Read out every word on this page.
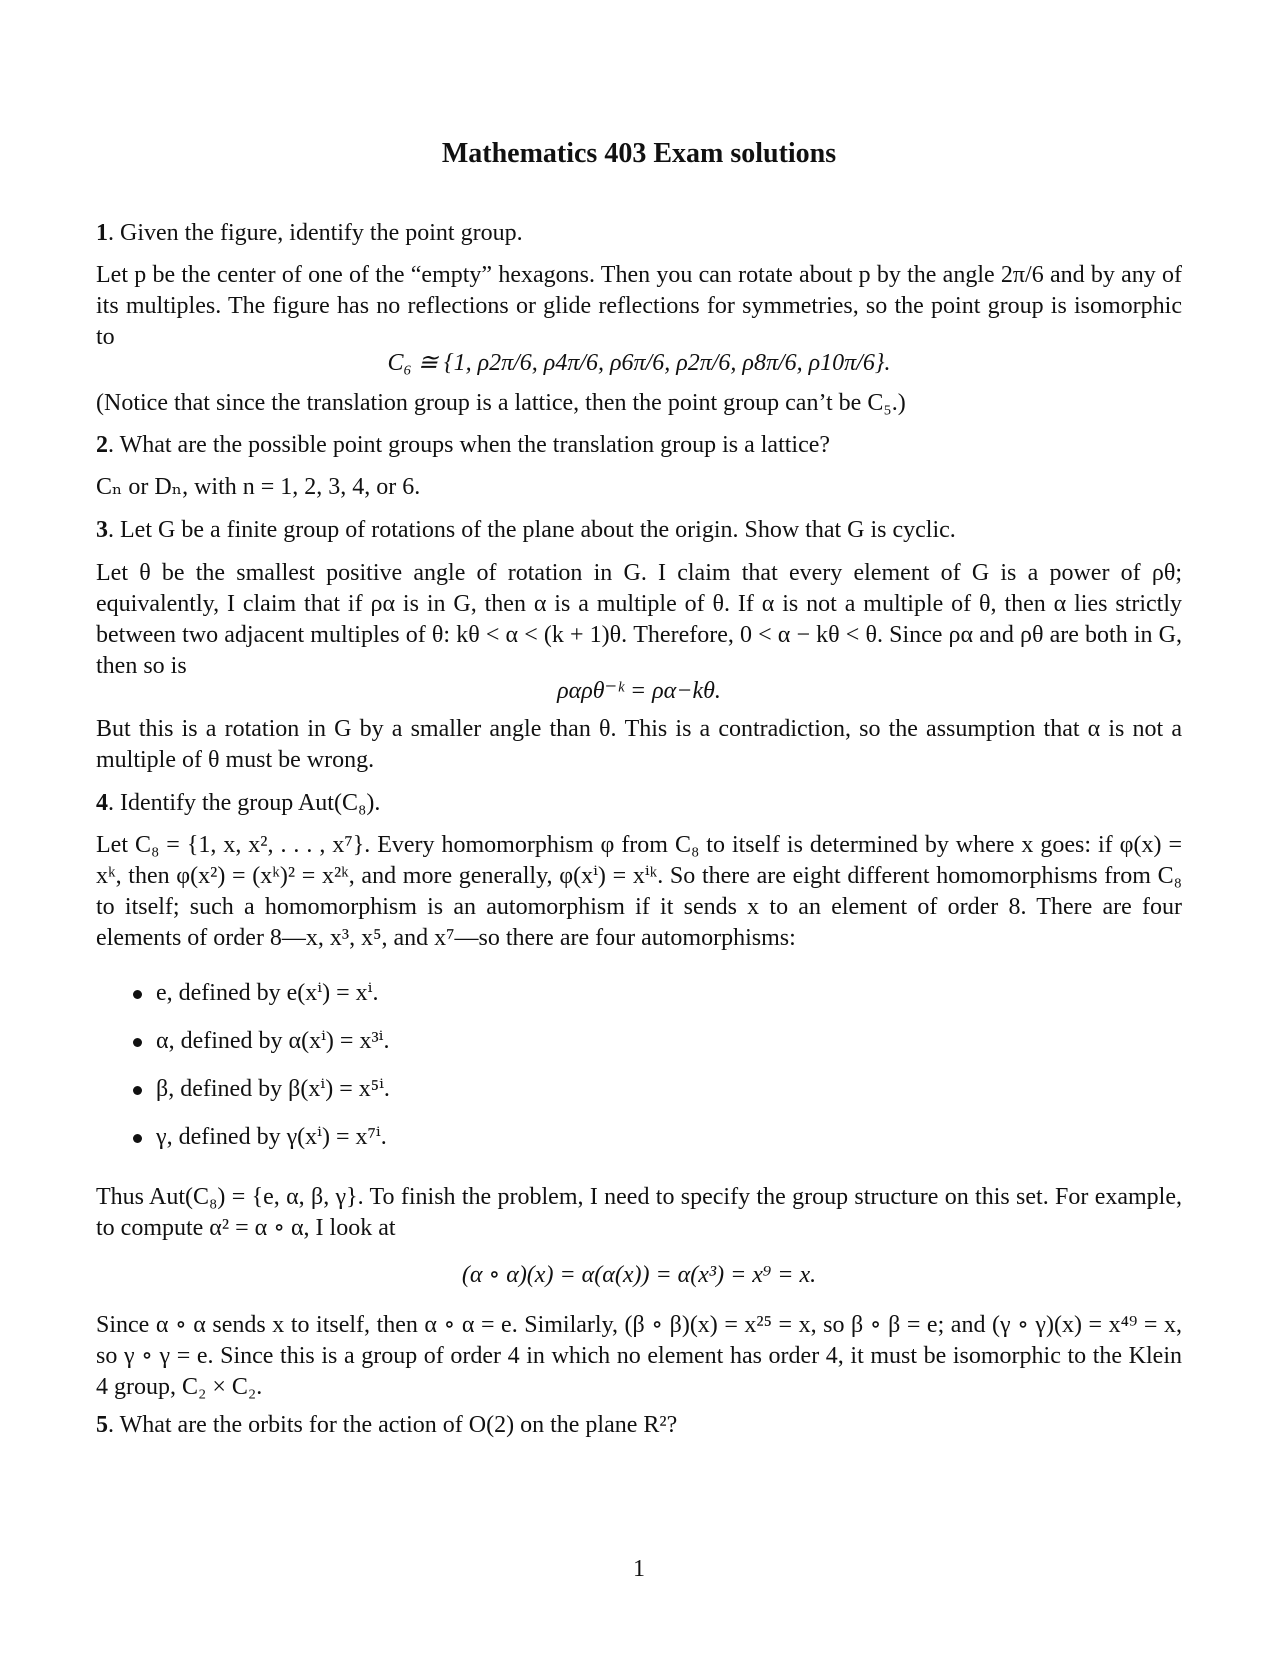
Mathematics 403 Exam solutions

1. Given the figure, identify the point group.

Let p be the center of one of the “empty” hexagons. Then you can rotate about p by the angle 2π/6 and by any of its multiples. The figure has no reflections or glide reflections for symmetries, so the point group is isomorphic to

C₆ ≅ {1, ρ2π/6, ρ4π/6, ρ6π/6, ρ2π/6, ρ8π/6, ρ10π/6}.

(Notice that since the translation group is a lattice, then the point group can’t be C₅.)

2. What are the possible point groups when the translation group is a lattice?

Cₙ or Dₙ, with n = 1, 2, 3, 4, or 6.

3. Let G be a finite group of rotations of the plane about the origin. Show that G is cyclic.

Let θ be the smallest positive angle of rotation in G. I claim that every element of G is a power of ρθ; equivalently, I claim that if ρα is in G, then α is a multiple of θ. If α is not a multiple of θ, then α lies strictly between two adjacent multiples of θ: kθ < α < (k + 1)θ. Therefore, 0 < α − kθ < θ. Since ρα and ρθ are both in G, then so is

ραρθ⁻ᵏ = ρα−kθ.

But this is a rotation in G by a smaller angle than θ. This is a contradiction, so the assumption that α is not a multiple of θ must be wrong.

4. Identify the group Aut(C₈).

Let C₈ = {1, x, x², . . . , x⁷}. Every homomorphism φ from C₈ to itself is determined by where x goes: if φ(x) = xᵏ, then φ(x²) = (xᵏ)² = x²ᵏ, and more generally, φ(xⁱ) = xⁱᵏ. So there are eight different homomorphisms from C₈ to itself; such a homomorphism is an automorphism if it sends x to an element of order 8. There are four elements of order 8—x, x³, x⁵, and x⁷—so there are four automorphisms:

e, defined by e(xⁱ) = xⁱ.
α, defined by α(xⁱ) = x³ⁱ.
β, defined by β(xⁱ) = x⁵ⁱ.
γ, defined by γ(xⁱ) = x⁷ⁱ.

Thus Aut(C₈) = {e, α, β, γ}. To finish the problem, I need to specify the group structure on this set. For example, to compute α² = α ∘ α, I look at

(α ∘ α)(x) = α(α(x)) = α(x³) = x⁹ = x.

Since α ∘ α sends x to itself, then α ∘ α = e. Similarly, (β ∘ β)(x) = x²⁵ = x, so β ∘ β = e; and (γ ∘ γ)(x) = x⁴⁹ = x, so γ ∘ γ = e. Since this is a group of order 4 in which no element has order 4, it must be isomorphic to the Klein 4 group, C₂ × C₂.

5. What are the orbits for the action of O(2) on the plane R²?

1
